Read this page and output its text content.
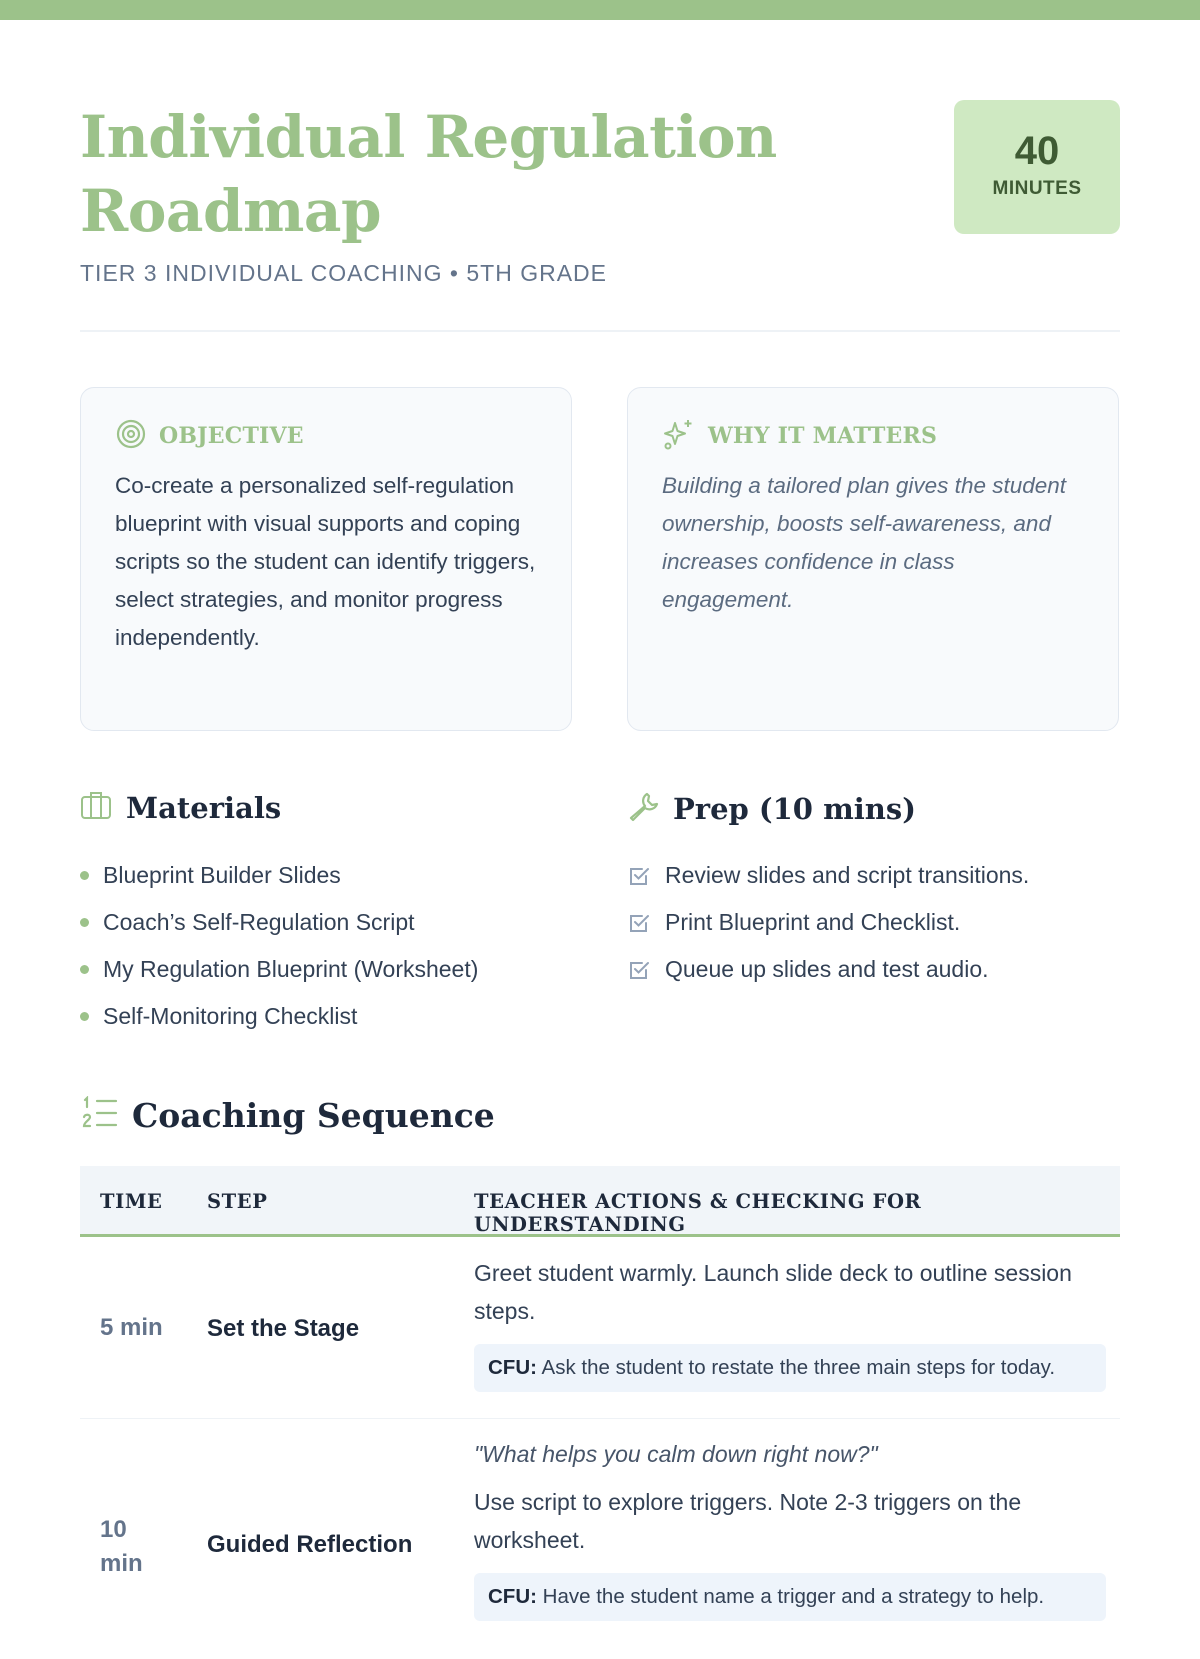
Individual Regulation Roadmap
TIER 3 INDIVIDUAL COACHING • 5TH GRADE
40
MINUTES
OBJECTIVE
Co-create a personalized self-regulation blueprint with visual supports and coping scripts so the student can identify triggers, select strategies, and monitor progress independently.
WHY IT MATTERS
Building a tailored plan gives the student ownership, boosts self-awareness, and increases confidence in class engagement.
Materials
Blueprint Builder Slides
Coach’s Self-Regulation Script
My Regulation Blueprint (Worksheet)
Self-Monitoring Checklist
Prep (10 mins)
Review slides and script transitions.
Print Blueprint and Checklist.
Queue up slides and test audio.
Coaching Sequence
TIME STEP	TEACHER ACTIONS & CHECKING FOR UNDERSTANDING
5 min Set the Stage
Greet student warmly. Launch slide deck to outline session steps.
CFU: Ask the student to restate the three main steps for today.
10 min
Guided Reflection
"What helps you calm down right now?"
Use script to explore triggers. Note 2-3 triggers on the worksheet.
CFU: Have the student name a trigger and a strategy to help.
